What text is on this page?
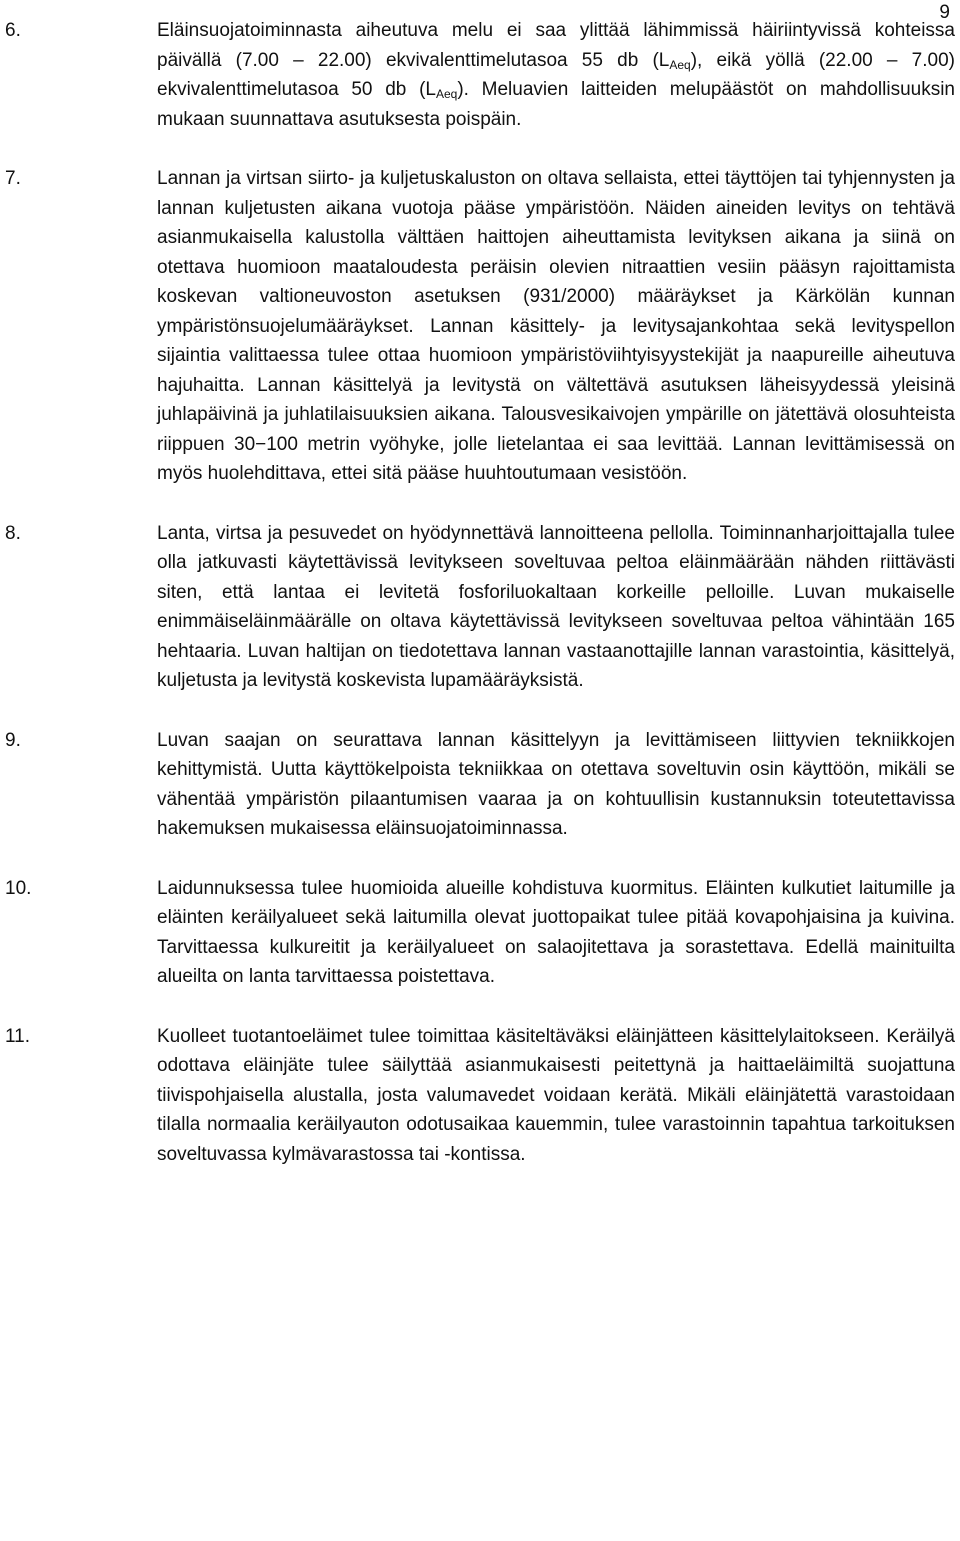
9
6.	Eläinsuojatoiminnasta aiheutuva melu ei saa ylittää lähimmissä häiriintyvissä kohteissa päivällä (7.00 – 22.00) ekvivalenttimelutasoa 55 db $(L_{Aeq})$, eikä yöllä (22.00 – 7.00) ekvivalenttimelutasoa 50 db $(L_{Aeq})$. Meluavien laitteiden melupäästöt on mahdollisuuksin mukaan suunnattava asutuksesta poispäin.
7.	Lannan ja virtsan siirto- ja kuljetuskaluston on oltava sellaista, ettei täyttöjen tai tyhjennysten ja lannan kuljetusten aikana vuotoja pääse ympäristöön. Näiden aineiden levitys on tehtävä asianmukaisella kalustolla välttäen haittojen aiheuttamista levityksen aikana ja siinä on otettava huomioon maataloudesta peräisin olevien nitraattien vesiin pääsyn rajoittamista koskevan valtioneuvoston asetuksen (931/2000) määräykset ja Kärkölän kunnan ympäristönsuojelumääräykset. Lannan käsittely- ja levitysajankohtaa sekä levityspellon sijaintia valittaessa tulee ottaa huomioon ympäristöviihtyisyystekijät ja naapureille aiheutuva hajuhaitta. Lannan käsittelyä ja levitystä on vältettävä asutuksen läheisyydessä yleisinä juhlapäivinä ja juhlatilaisuuksien aikana. Talousvesikaivojen ympärille on jätettävä olosuhteista riippuen 30−100 metrin vyöhyke, jolle lietelantaa ei saa levittää. Lannan levittämisessä on myös huolehdittava, ettei sitä pääse huuhtoutumaan vesistöön.
8.	Lanta, virtsa ja pesuvedet on hyödynnettävä lannoitteena pellolla. Toiminnanharjoittajalla tulee olla jatkuvasti käytettävissä levitykseen soveltuvaa peltoa eläinmäärään nähden riittävästi siten, että lantaa ei levitetä fosforiluokaltaan korkeille pelloille. Luvan mukaiselle enimmäiseläinmäärälle on oltava käytettävissä levitykseen soveltuvaa peltoa vähintään 165 hehtaaria. Luvan haltijan on tiedotettava lannan vastaanottajille lannan varastointia, käsittelyä, kuljetusta ja levitystä koskevista lupamääräyksistä.
9.	Luvan saajan on seurattava lannan käsittelyyn ja levittämiseen liittyvien tekniikkojen kehittymistä. Uutta käyttökelpoista tekniikkaa on otettava soveltuvin osin käyttöön, mikäli se vähentää ympäristön pilaantumisen vaaraa ja on kohtuullisin kustannuksin toteutettavissa hakemuksen mukaisessa eläinsuojatoiminnassa.
10.	Laidunnuksessa tulee huomioida alueille kohdistuva kuormitus. Eläinten kulkutiet laitumille ja eläinten keräilyalueet sekä laitumilla olevat juottopaikat tulee pitää kovapohjaisina ja kuivina. Tarvittaessa kulkureitit ja keräilyalueet on salaojitettava ja sorastettava. Edellä mainituilta alueilta on lanta tarvittaessa poistettava.
11.	Kuolleet tuotantoeläimet tulee toimittaa käsiteltäväksi eläinjätteen käsittelylaitokseen. Keräilyä odottava eläinjäte tulee säilyttää asianmukaisesti peitettynä ja haittaeläimiltä suojattuna tiivispohjaisella alustalla, josta valumavedet voidaan kerätä. Mikäli eläinjätettä varastoidaan tilalla normaalia keräilyauton odotusaikaa kauemmin, tulee varastoinnin tapahtua tarkoituksen soveltuvassa kylmävarastossa tai -kontissa.
